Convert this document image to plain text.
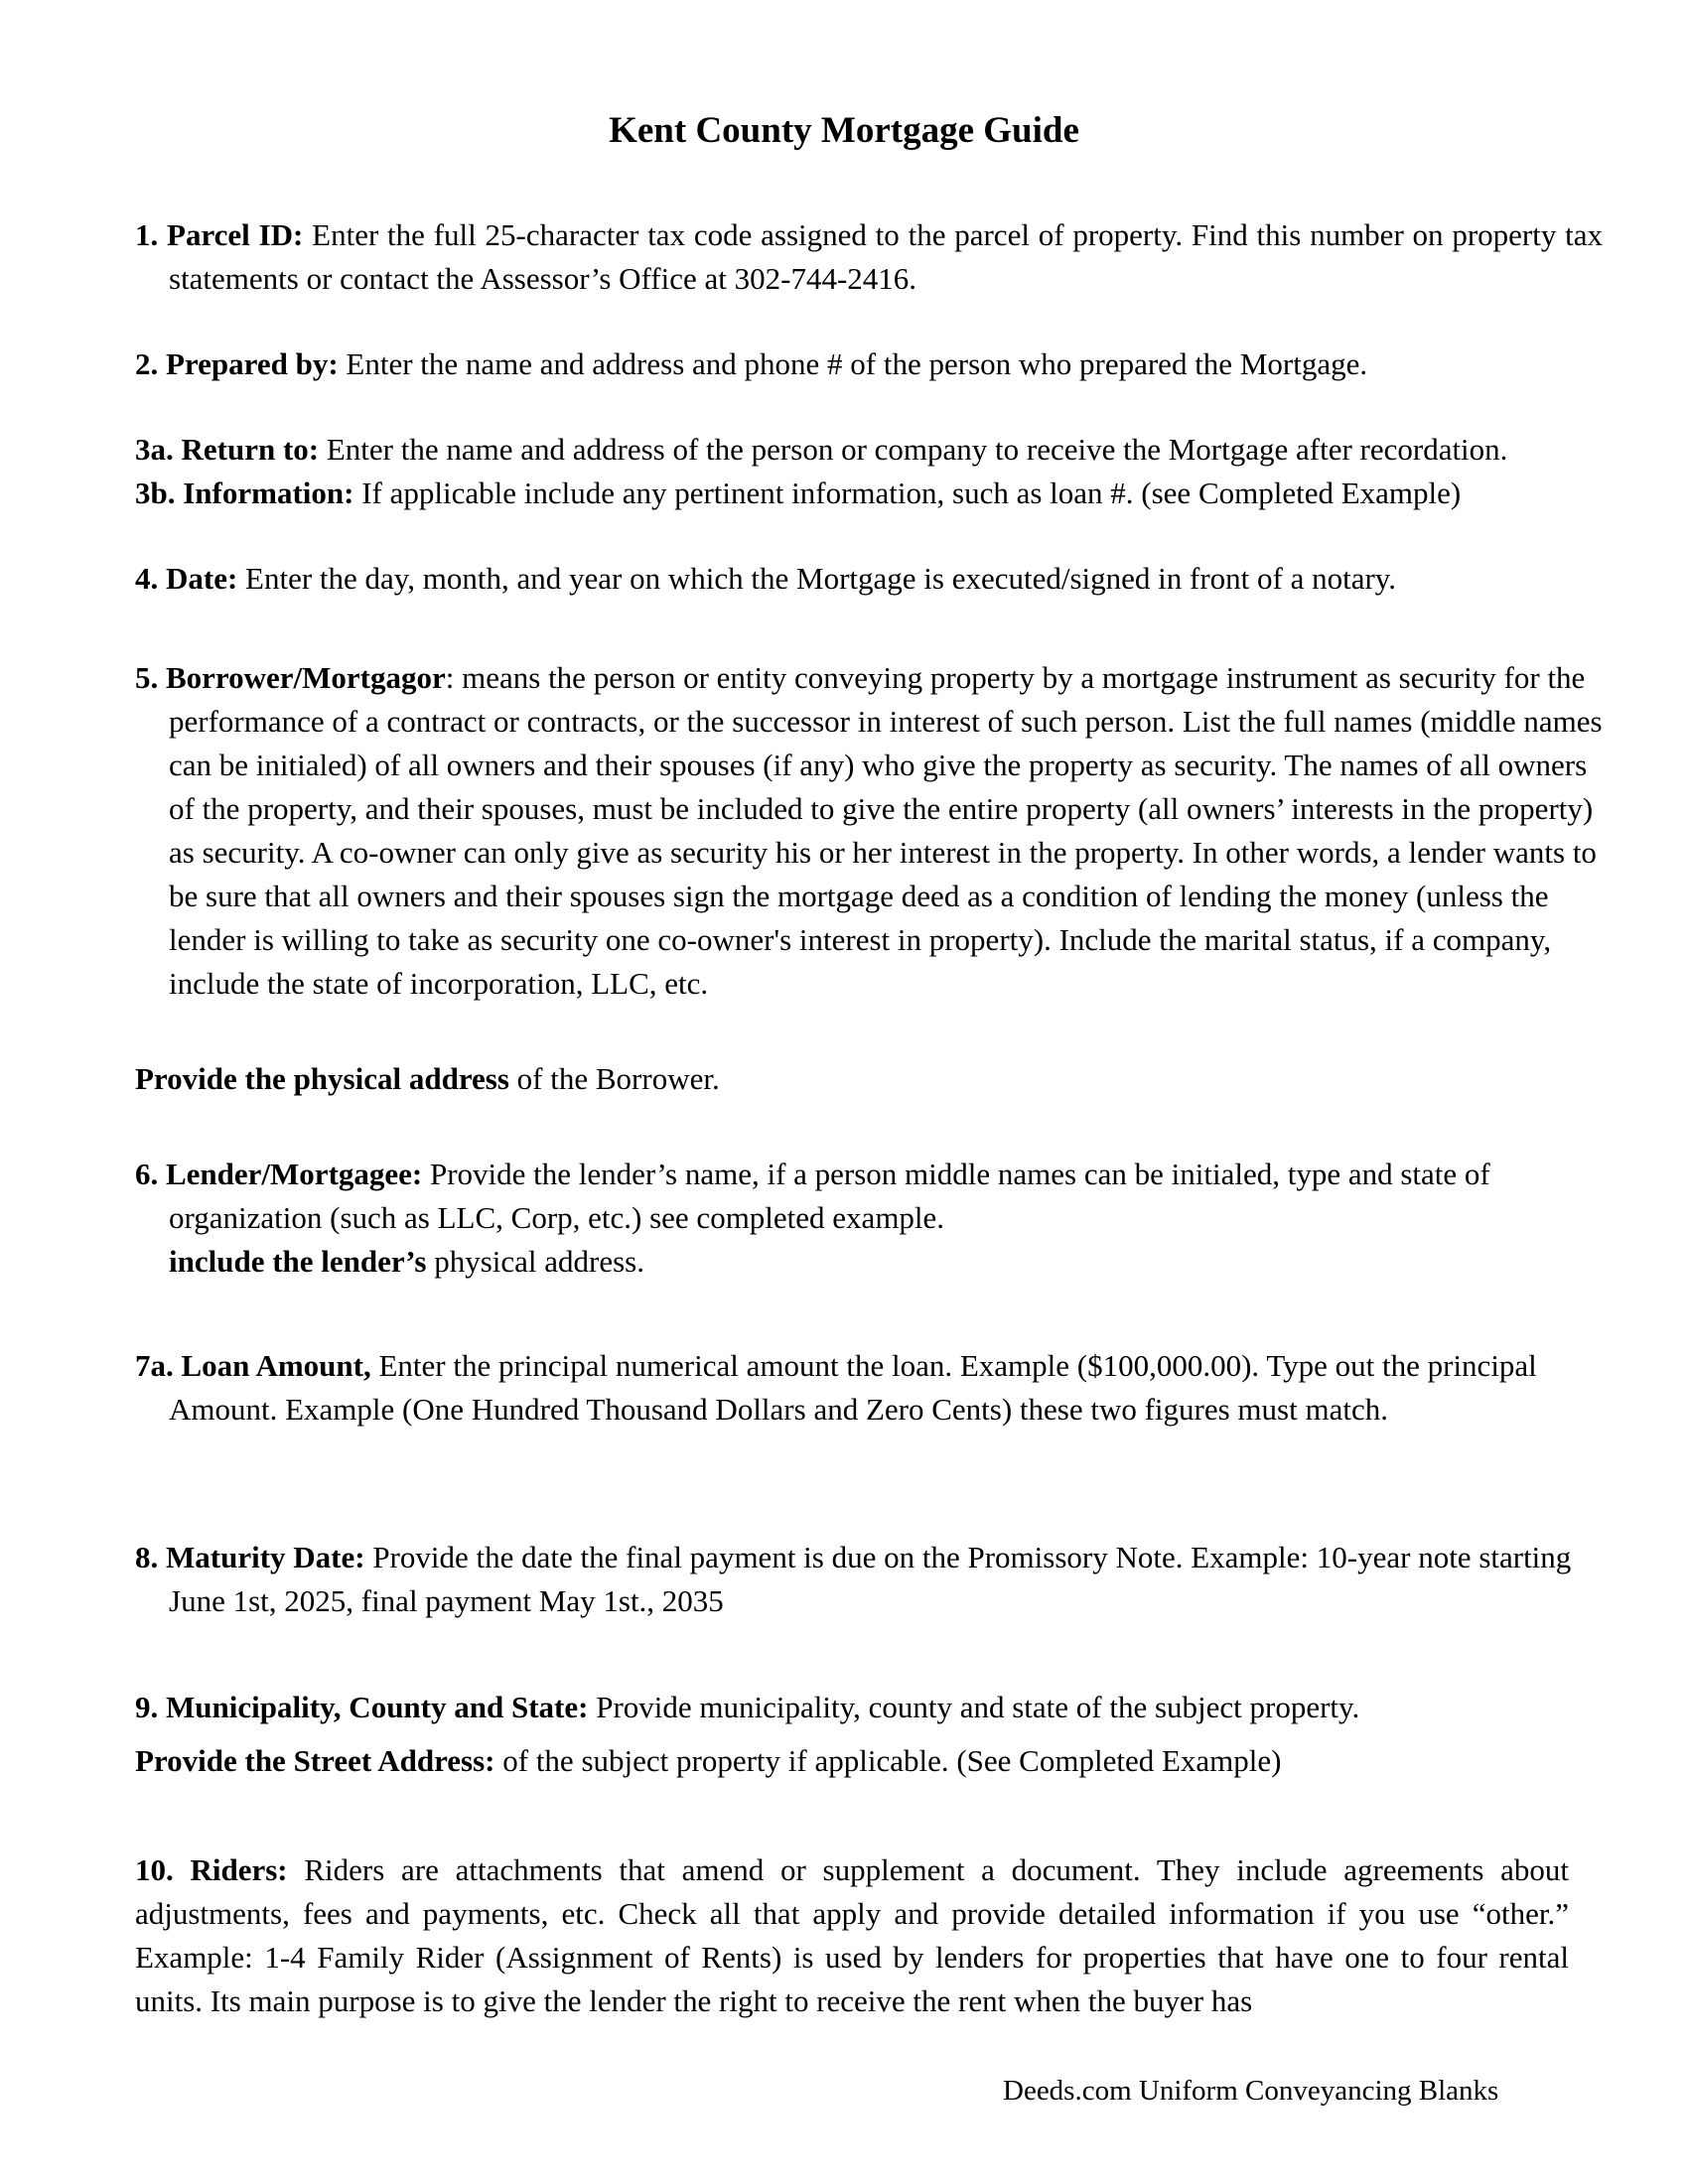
Kent County Mortgage Guide
1. Parcel ID: Enter the full 25-character tax code assigned to the parcel of property. Find this number on property tax statements or contact the Assessor’s Office at 302-744-2416.
2. Prepared by: Enter the name and address and phone # of the person who prepared the Mortgage.
3a. Return to: Enter the name and address of the person or company to receive the Mortgage after recordation.
3b. Information: If applicable include any pertinent information, such as loan #. (see Completed Example)
4. Date: Enter the day, month, and year on which the Mortgage is executed/signed in front of a notary.
5. Borrower/Mortgagor: means the person or entity conveying property by a mortgage instrument as security for the performance of a contract or contracts, or the successor in interest of such person. List the full names (middle names can be initialed) of all owners and their spouses (if any) who give the property as security. The names of all owners of the property, and their spouses, must be included to give the entire property (all owners’ interests in the property) as security. A co-owner can only give as security his or her interest in the property. In other words, a lender wants to be sure that all owners and their spouses sign the mortgage deed as a condition of lending the money (unless the lender is willing to take as security one co-owner's interest in property). Include the marital status, if a company, include the state of incorporation, LLC, etc.
Provide the physical address of the Borrower.
6. Lender/Mortgagee: Provide the lender’s name, if a person middle names can be initialed, type and state of organization (such as LLC, Corp, etc.) see completed example.
include the lender’s physical address.
7a. Loan Amount, Enter the principal numerical amount the loan. Example ($100,000.00). Type out the principal Amount. Example (One Hundred Thousand Dollars and Zero Cents) these two figures must match.
8. Maturity Date: Provide the date the final payment is due on the Promissory Note. Example: 10-year note starting June 1st, 2025, final payment May 1st., 2035
9. Municipality, County and State: Provide municipality, county and state of the subject property.
Provide the Street Address: of the subject property if applicable. (See Completed Example)
10. Riders: Riders are attachments that amend or supplement a document. They include agreements about adjustments, fees and payments, etc. Check all that apply and provide detailed information if you use “other.” Example: 1-4 Family Rider (Assignment of Rents) is used by lenders for properties that have one to four rental units. Its main purpose is to give the lender the right to receive the rent when the buyer has
Deeds.com Uniform Conveyancing Blanks
